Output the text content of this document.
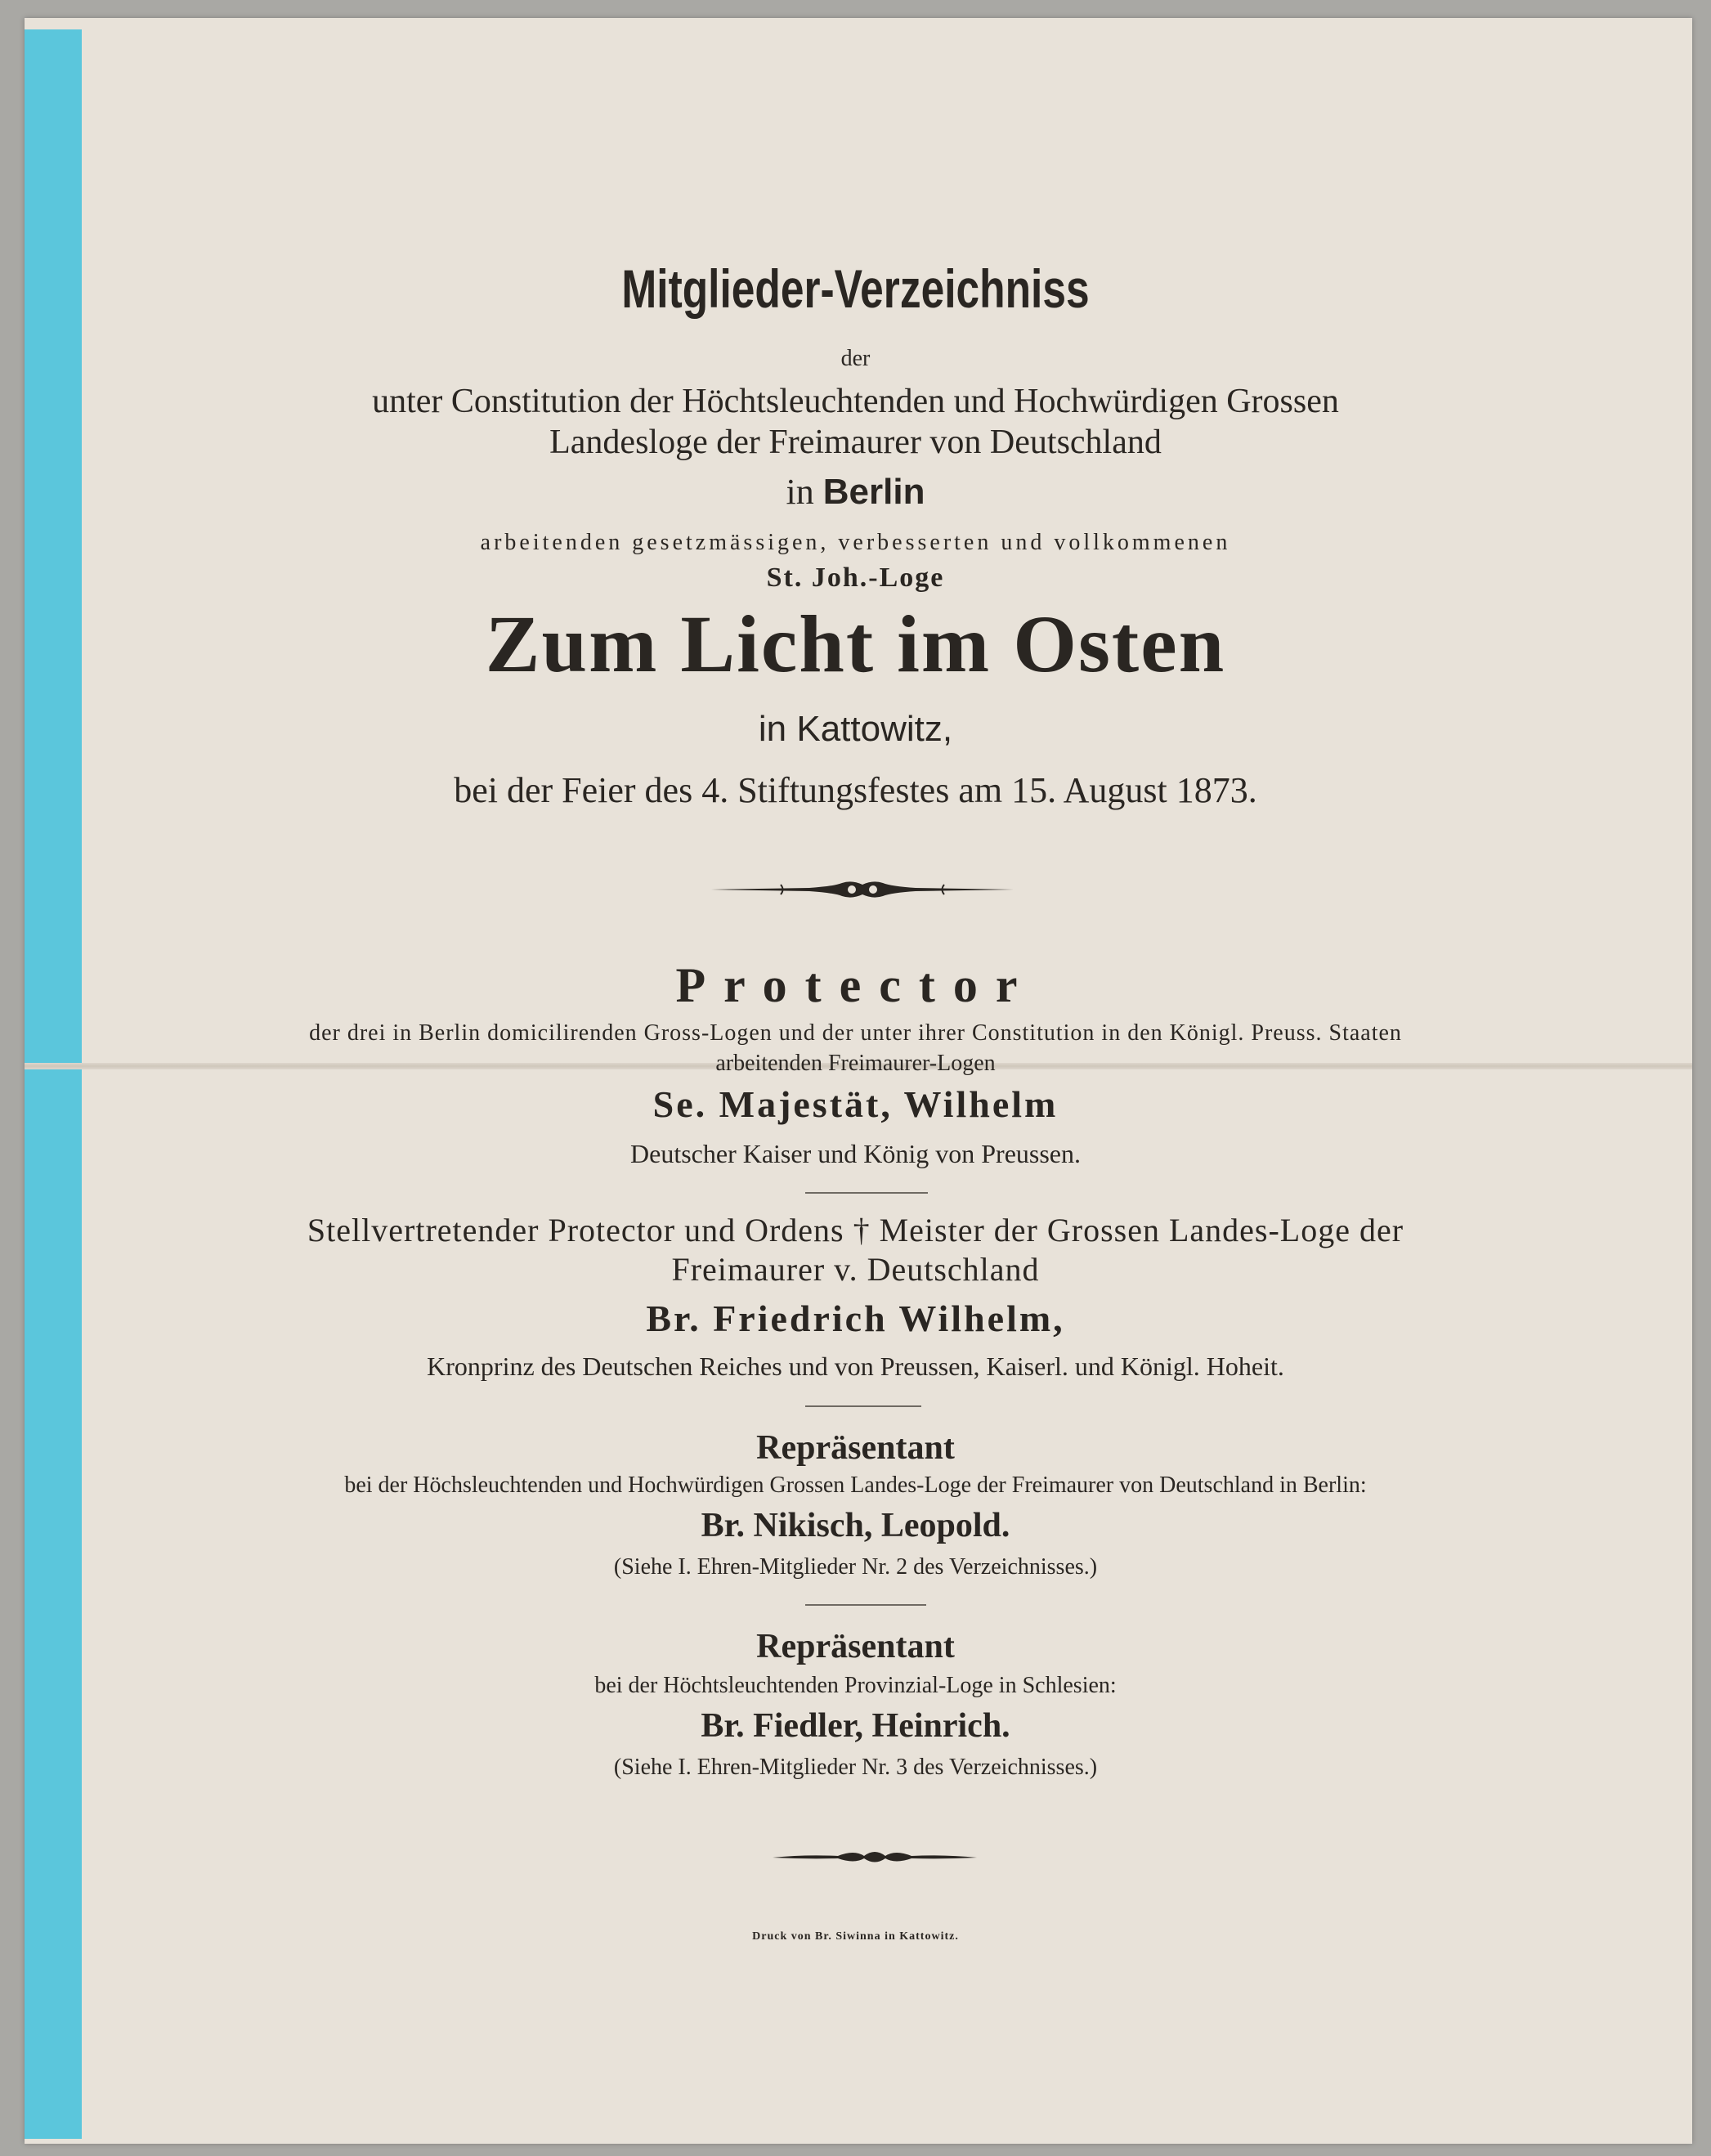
Mitglieder-Verzeichniss
der
unter Constitution der Höchtsleuchtenden und Hochwürdigen Grossen
Landesloge der Freimaurer von Deutschland
in Berlin
arbeitenden gesetzmässigen, verbesserten und vollkommenen
St. Joh.-Loge
Zum Licht im Osten
in Kattowitz,
bei der Feier des 4. Stiftungsfestes am 15. August 1873.
Protector
der drei in Berlin domicilirenden Gross-Logen und der unter ihrer Constitution in den Königl. Preuss. Staaten
arbeitenden Freimaurer-Logen
Se. Majestät, Wilhelm
Deutscher Kaiser und König von Preussen.
Stellvertretender Protector und Ordens † Meister der Grossen Landes-Loge der
Freimaurer v. Deutschland
Br. Friedrich Wilhelm,
Kronprinz des Deutschen Reiches und von Preussen, Kaiserl. und Königl. Hoheit.
Repräsentant
bei der Höchsleuchtenden und Hochwürdigen Grossen Landes-Loge der Freimaurer von Deutschland in Berlin:
Br. Nikisch, Leopold.
(Siehe I. Ehren-Mitglieder Nr. 2 des Verzeichnisses.)
Repräsentant
bei der Höchtsleuchtenden Provinzial-Loge in Schlesien:
Br. Fiedler, Heinrich.
(Siehe I. Ehren-Mitglieder Nr. 3 des Verzeichnisses.)
Druck von Br. Siwinna in Kattowitz.
